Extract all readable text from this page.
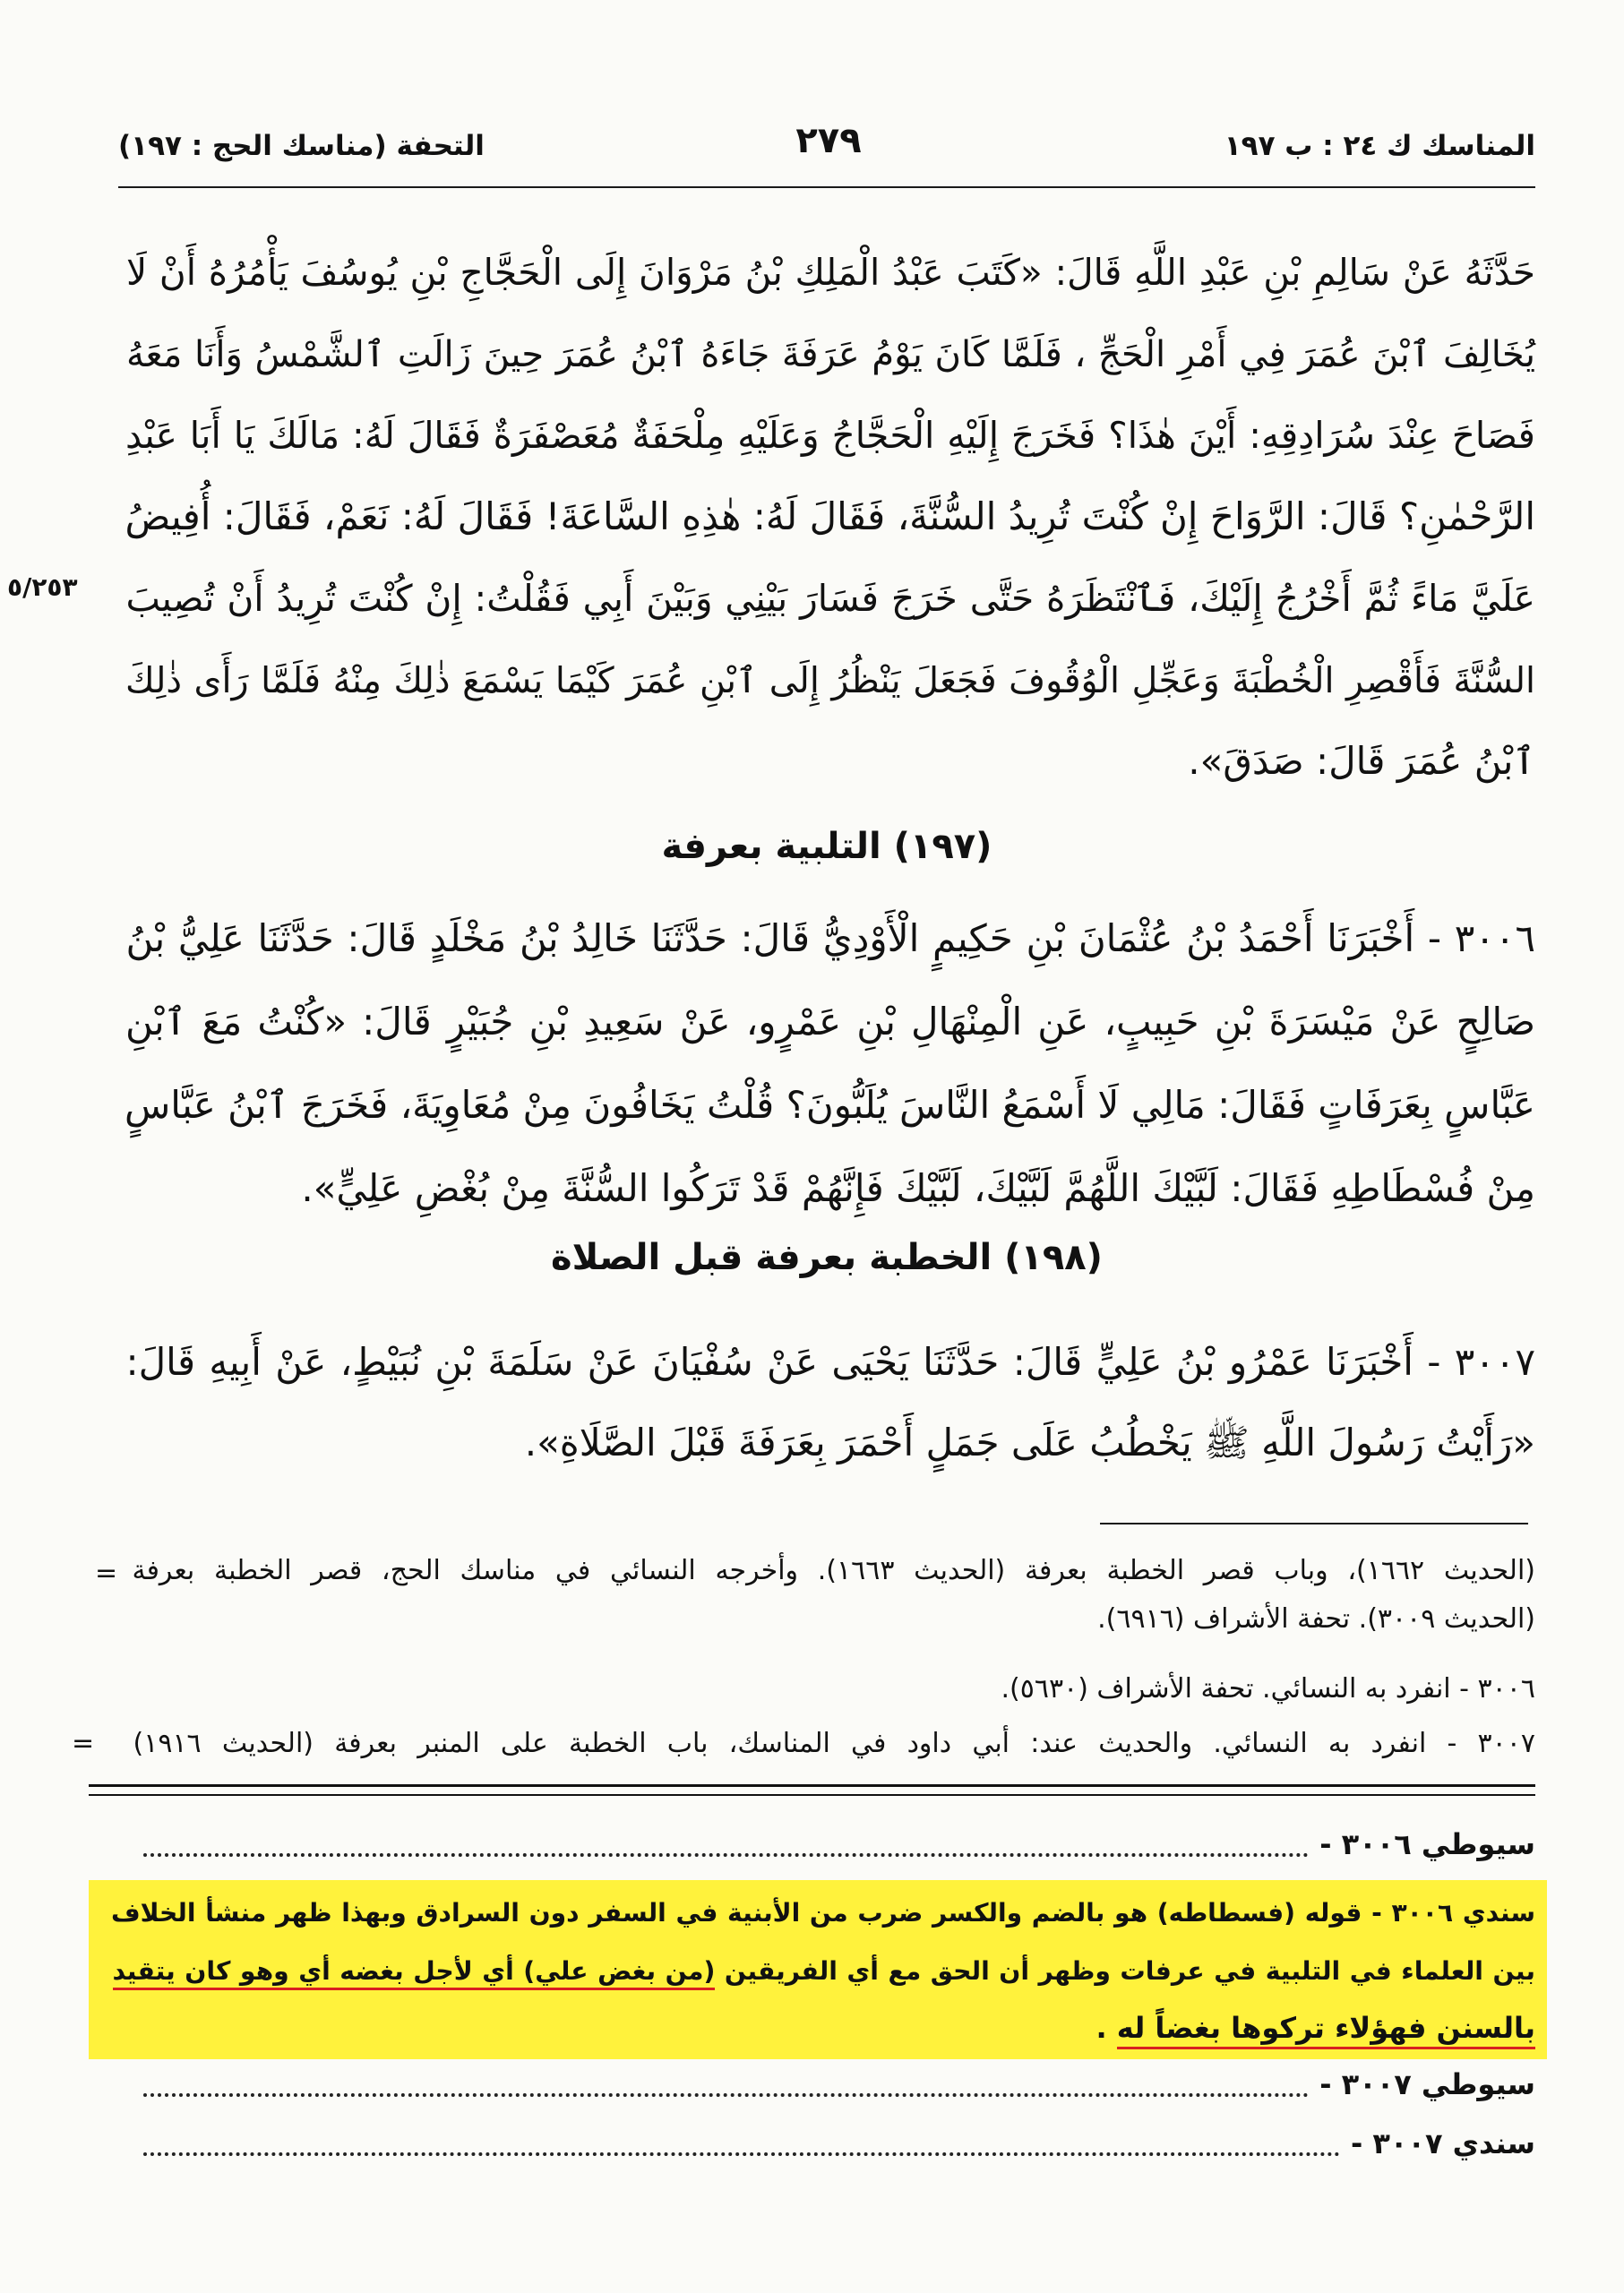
المناسك ك ٢٤ : ب ١٩٧
٢٧٩
التحفة (مناسك الحج : ١٩٧)
٥/٢٥٣
حَدَّثَهُ عَنْ سَالِمِ بْنِ عَبْدِ اللَّهِ قَالَ: «كَتَبَ عَبْدُ الْمَلِكِ بْنُ مَرْوَانَ إِلَى الْحَجَّاجِ بْنِ يُوسُفَ يَأْمُرُهُ أَنْ لَا
يُخَالِفَ ٱبْنَ عُمَرَ فِي أَمْرِ الْحَجِّ ، فَلَمَّا كَانَ يَوْمُ عَرَفَةَ جَاءَهُ ٱبْنُ عُمَرَ حِينَ زَالَتِ ٱلشَّمْسُ وَأَنَا مَعَهُ
فَصَاحَ عِنْدَ سُرَادِقِهِ: أَيْنَ هٰذَا؟ فَخَرَجَ إِلَيْهِ الْحَجَّاجُ وَعَلَيْهِ مِلْحَفَةٌ مُعَصْفَرَةٌ فَقَالَ لَهُ: مَالَكَ يَا أَبَا عَبْدِ
الرَّحْمٰنِ؟ قَالَ: الرَّوَاحَ إِنْ كُنْتَ تُرِيدُ السُّنَّةَ، فَقَالَ لَهُ: هٰذِهِ السَّاعَةَ! فَقَالَ لَهُ: نَعَمْ، فَقَالَ: أُفِيضُ
عَلَيَّ مَاءً ثُمَّ أَخْرُجُ إِلَيْكَ، فَٱنْتَظَرَهُ حَتَّى خَرَجَ فَسَارَ بَيْنِي وَبَيْنَ أَبِي فَقُلْتُ: إِنْ كُنْتَ تُرِيدُ أَنْ تُصِيبَ
السُّنَّةَ فَأَقْصِرِ الْخُطْبَةَ وَعَجِّلِ الْوُقُوفَ فَجَعَلَ يَنْظُرُ إِلَى ٱبْنِ عُمَرَ كَيْمَا يَسْمَعَ ذٰلِكَ مِنْهُ فَلَمَّا رَأَى ذٰلِكَ
ٱبْنُ عُمَرَ قَالَ: صَدَقَ».
(١٩٧) التلبية بعرفة
٣٠٠٦ - أَخْبَرَنَا أَحْمَدُ بْنُ عُثْمَانَ بْنِ حَكِيمٍ الْأَوْدِيُّ قَالَ: حَدَّثَنَا خَالِدُ بْنُ مَخْلَدٍ قَالَ: حَدَّثَنَا عَلِيُّ بْنُ
صَالِحٍ عَنْ مَيْسَرَةَ بْنِ حَبِيبٍ، عَنِ الْمِنْهَالِ بْنِ عَمْرٍو، عَنْ سَعِيدِ بْنِ جُبَيْرٍ قَالَ: «كُنْتُ مَعَ ٱبْنِ
عَبَّاسٍ بِعَرَفَاتٍ فَقَالَ: مَالِي لَا أَسْمَعُ النَّاسَ يُلَبُّونَ؟ قُلْتُ يَخَافُونَ مِنْ مُعَاوِيَةَ، فَخَرَجَ ٱبْنُ عَبَّاسٍ
مِنْ فُسْطَاطِهِ فَقَالَ: لَبَّيْكَ اللَّهُمَّ لَبَّيْكَ، لَبَّيْكَ فَإِنَّهُمْ قَدْ تَرَكُوا السُّنَّةَ مِنْ بُغْضِ عَلِيٍّ».
(١٩٨) الخطبة بعرفة قبل الصلاة
٣٠٠٧ - أَخْبَرَنَا عَمْرُو بْنُ عَلِيٍّ قَالَ: حَدَّثَنَا يَحْيَى عَنْ سُفْيَانَ عَنْ سَلَمَةَ بْنِ نُبَيْطٍ، عَنْ أَبِيهِ قَالَ:
«رَأَيْتُ رَسُولَ اللَّهِ ﷺ يَخْطُبُ عَلَى جَمَلٍ أَحْمَرَ بِعَرَفَةَ قَبْلَ الصَّلَاةِ».
= (الحديث ١٦٦٢)، وباب قصر الخطبة بعرفة (الحديث ١٦٦٣). وأخرجه النسائي في مناسك الحج، قصر الخطبة بعرفة
(الحديث ٣٠٠٩). تحفة الأشراف (٦٩١٦).
٣٠٠٦ - انفرد به النسائي. تحفة الأشراف (٥٦٣٠).
= ٣٠٠٧ - انفرد به النسائي. والحديث عند: أبي داود في المناسك، باب الخطبة على المنبر بعرفة (الحديث ١٩١٦)
سيوطي ٣٠٠٦ -
سندي ٣٠٠٦ - قوله (فسطاطه) هو بالضم والكسر ضرب من الأبنية في السفر دون السرادق وبهذا ظهر منشأ الخلاف
بين العلماء في التلبية في عرفات وظهر أن الحق مع أي الفريقين (من بغض علي) أي لأجل بغضه أي وهو كان يتقيد
بالسنن فهؤلاء تركوها بغضاً له .
سيوطي ٣٠٠٧ -
سندي ٣٠٠٧ -
